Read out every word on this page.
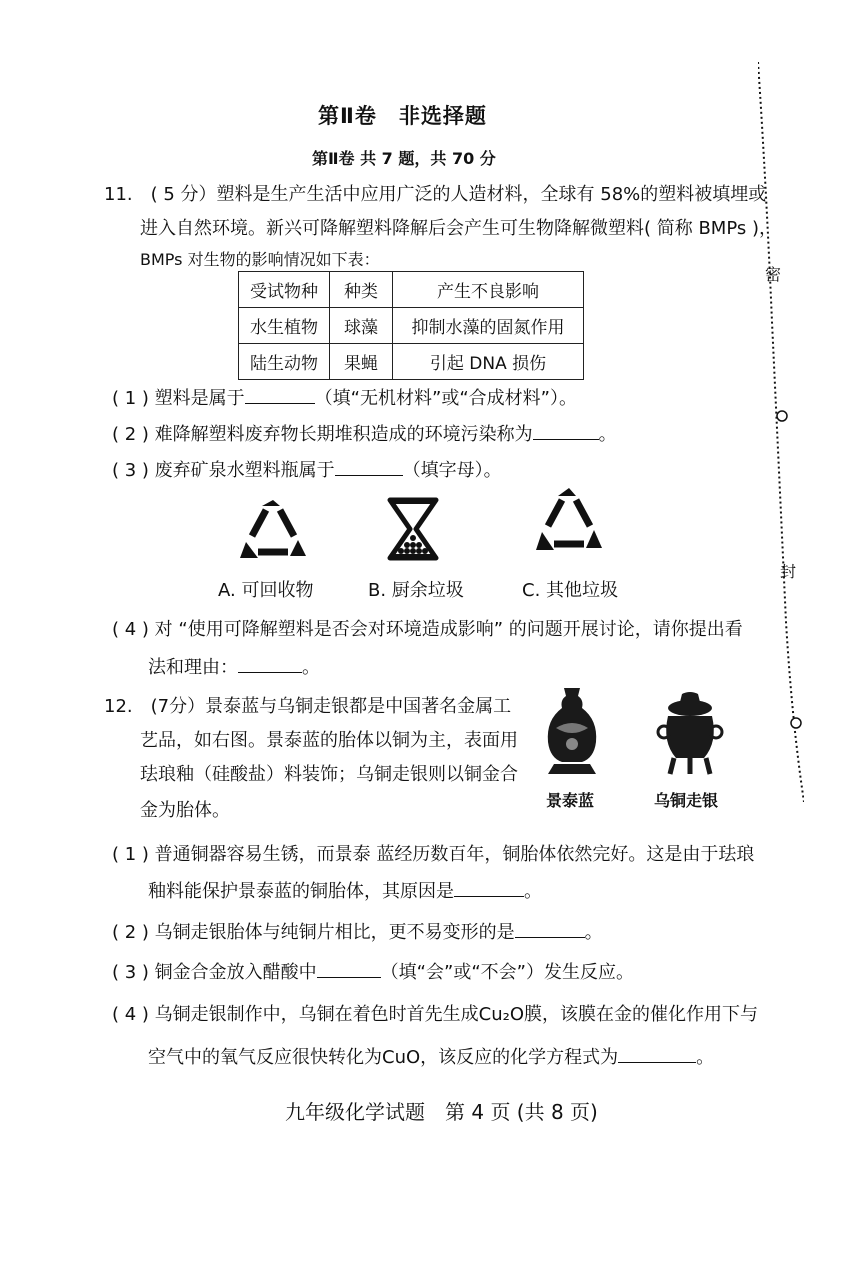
第Ⅱ卷　非选择题
第Ⅱ卷 共 7 题，共 70 分
11.　( 5 分）塑料是生产生活中应用广泛的人造材料，全球有 58%的塑料被填埋或
进入自然环境。新兴可降解塑料降解后会产生可生物降解微塑料( 简称 BMPs )，
BMPs 对生物的影响情况如下表：
受试物种	种类	产生不良影响
水生植物	球藻	抑制水藻的固氮作用
陆生动物	果蝇	引起 DNA 损伤
( 1 ) 塑料是属于	（填“无机材料”或“合成材料”）。
( 2 ) 难降解塑料废弃物长期堆积造成的环境污染称为	。
( 3 ) 废弃矿泉水塑料瓶属于	（填字母）。
A. 可回收物	B. 厨余垃圾	C. 其他垃圾
( 4 ) 对 “使用可降解塑料是否会对环境造成影响” 的问题开展讨论，请你提出看
法和理由：	。
12.　(7分）景泰蓝与乌铜走银都是中国著名金属工
艺品，如右图。景泰蓝的胎体以铜为主，表面用
珐琅釉（硅酸盐）料装饰；乌铜走银则以铜金合
金为胎体。	景泰蓝	乌铜走银
( 1 ) 普通铜器容易生锈，而景泰 蓝经历数百年，铜胎体依然完好。这是由于珐琅
釉料能保护景泰蓝的铜胎体，其原因是	。
( 2 ) 乌铜走银胎体与纯铜片相比，更不易变形的是	。
( 3 ) 铜金合金放入醋酸中	（填“会”或“不会”）发生反应。
( 4 ) 乌铜走银制作中，乌铜在着色时首先生成Cu₂O膜，该膜在金的催化作用下与
空气中的氧气反应很快转化为CuO，该反应的化学方程式为	。
密
封
九年级化学试题　第 4 页 (共 8 页)
